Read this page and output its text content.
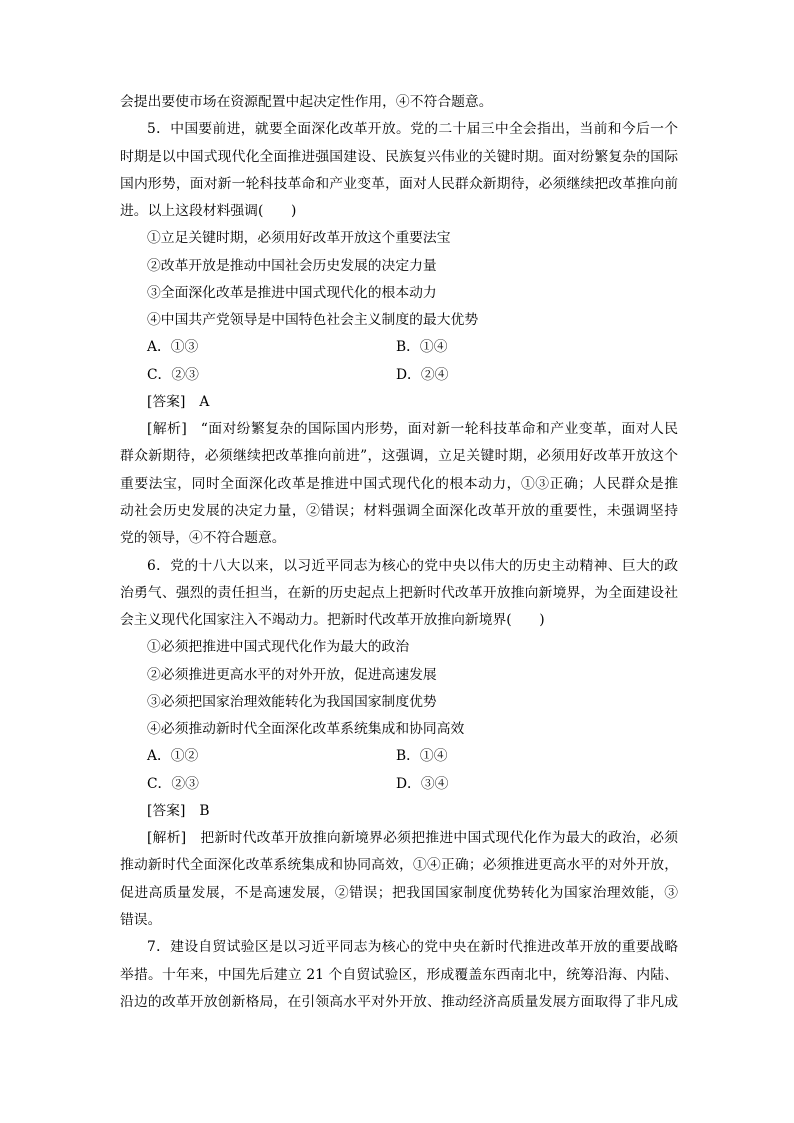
会提出要使市场在资源配置中起决定性作用，④不符合题意。
5．中国要前进，就要全面深化改革开放。党的二十届三中全会指出，当前和今后一个
时期是以中国式现代化全面推进强国建设、民族复兴伟业的关键时期。面对纷繁复杂的国际
国内形势，面对新一轮科技革命和产业变革，面对人民群众新期待，必须继续把改革推向前
进。以上这段材料强调(　　)
①立足关键时期，必须用好改革开放这个重要法宝
②改革开放是推动中国社会历史发展的决定力量
③全面深化改革是推进中国式现代化的根本动力
④中国共产党领导是中国特色社会主义制度的最大优势
A．①③	B．①④
C．②③	D．②④
[答案] A
[解析] “面对纷繁复杂的国际国内形势，面对新一轮科技革命和产业变革，面对人民
群众新期待，必须继续把改革推向前进”，这强调，立足关键时期，必须用好改革开放这个
重要法宝，同时全面深化改革是推进中国式现代化的根本动力，①③正确；人民群众是推
动社会历史发展的决定力量，②错误；材料强调全面深化改革开放的重要性，未强调坚持
党的领导，④不符合题意。
6．党的十八大以来，以习近平同志为核心的党中央以伟大的历史主动精神、巨大的政
治勇气、强烈的责任担当，在新的历史起点上把新时代改革开放推向新境界，为全面建设社
会主义现代化国家注入不竭动力。把新时代改革开放推向新境界(　　)
①必须把推进中国式现代化作为最大的政治
②必须推进更高水平的对外开放，促进高速发展
③必须把国家治理效能转化为我国国家制度优势
④必须推动新时代全面深化改革系统集成和协同高效
A．①②	B．①④
C．②③	D．③④
[答案] B
[解析] 把新时代改革开放推向新境界必须把推进中国式现代化作为最大的政治，必须
推动新时代全面深化改革系统集成和协同高效，①④正确；必须推进更高水平的对外开放，
促进高质量发展，不是高速发展，②错误；把我国国家制度优势转化为国家治理效能，③
错误。
7．建设自贸试验区是以习近平同志为核心的党中央在新时代推进改革开放的重要战略
举措。十年来，中国先后建立 21 个自贸试验区，形成覆盖东西南北中，统筹沿海、内陆、
沿边的改革开放创新格局，在引领高水平对外开放、推动经济高质量发展方面取得了非凡成
